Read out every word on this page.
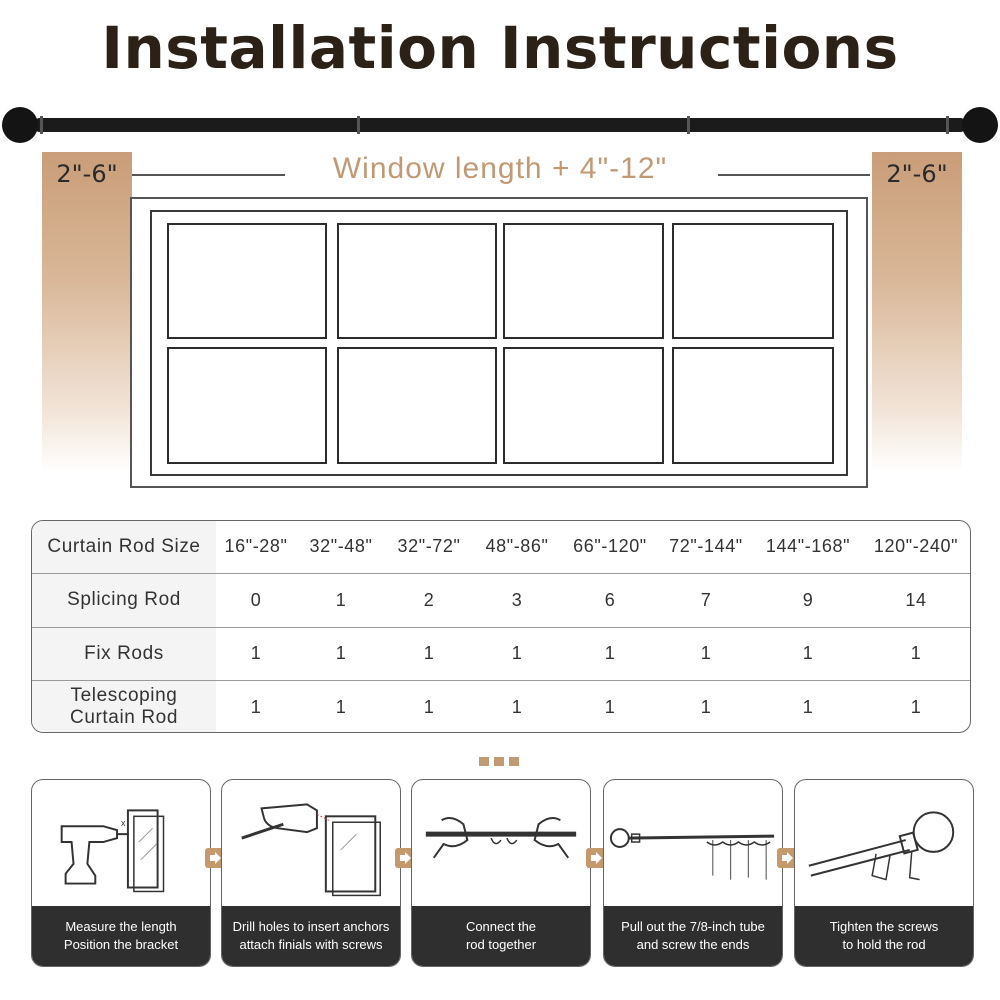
Installation Instructions
2"-6"	2"-6"
Window length + 4"-12"
Curtain Rod Size	16"-28"	32"-48"	32"-72"	48"-86"	66"-120"	72"-144"	144"-168"	120"-240"
Splicing Rod	0	1	2	3	6	7	9	14
Fix Rods	1	1	1	1	1	1	1	1

Telescoping
Curtain Rod	1	1	1	1	1	1	1	1
x
Measure the length
Position the bracket
Drill holes to insert anchors
attach finials with screws
Connect the
rod together
Pull out the 7/8-inch tube
and screw the ends
Tighten the screws
to hold the rod
